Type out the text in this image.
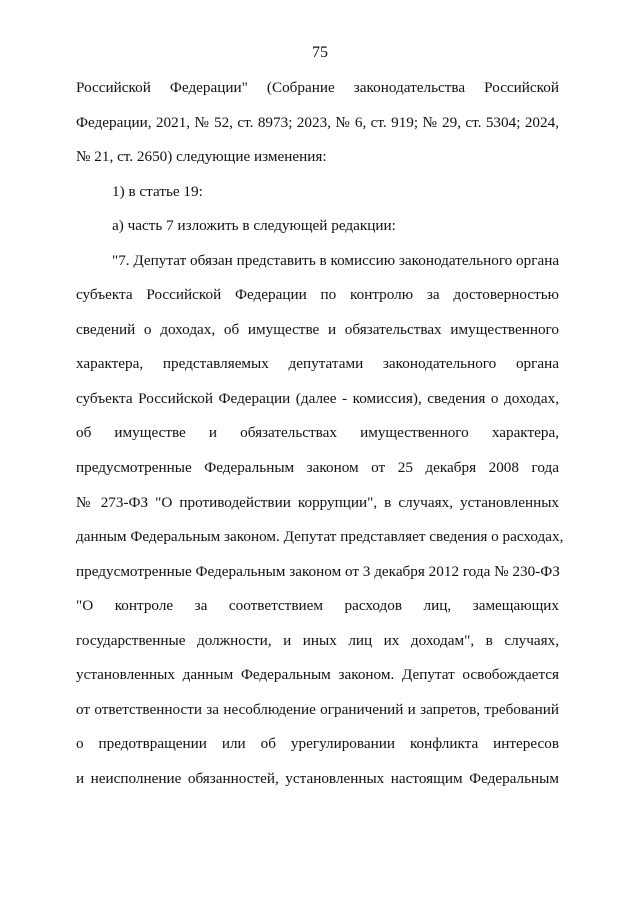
75
Российской Федерации" (Собрание законодательства Российской
Федерации, 2021, № 52, ст. 8973; 2023, № 6, ст. 919; № 29, ст. 5304; 2024,
№ 21, ст. 2650) следующие изменения:
1) в статье 19:
а) часть 7 изложить в следующей редакции:
"7. Депутат обязан представить в комиссию законодательного органа
субъекта Российской Федерации по контролю за достоверностью
сведений о доходах, об имуществе и обязательствах имущественного
характера, представляемых депутатами законодательного органа
субъекта Российской Федерации (далее - комиссия), сведения о доходах,
об имуществе и обязательствах имущественного характера,
предусмотренные Федеральным законом от 25 декабря 2008 года
№ 273-ФЗ "О противодействии коррупции", в случаях, установленных
данным Федеральным законом. Депутат представляет сведения о расходах,
предусмотренные Федеральным законом от 3 декабря 2012 года № 230-ФЗ
"О контроле за соответствием расходов лиц, замещающих
государственные должности, и иных лиц их доходам", в случаях,
установленных данным Федеральным законом. Депутат освобождается
от ответственности за несоблюдение ограничений и запретов, требований
о предотвращении или об урегулировании конфликта интересов
и неисполнение обязанностей, установленных настоящим Федеральным
